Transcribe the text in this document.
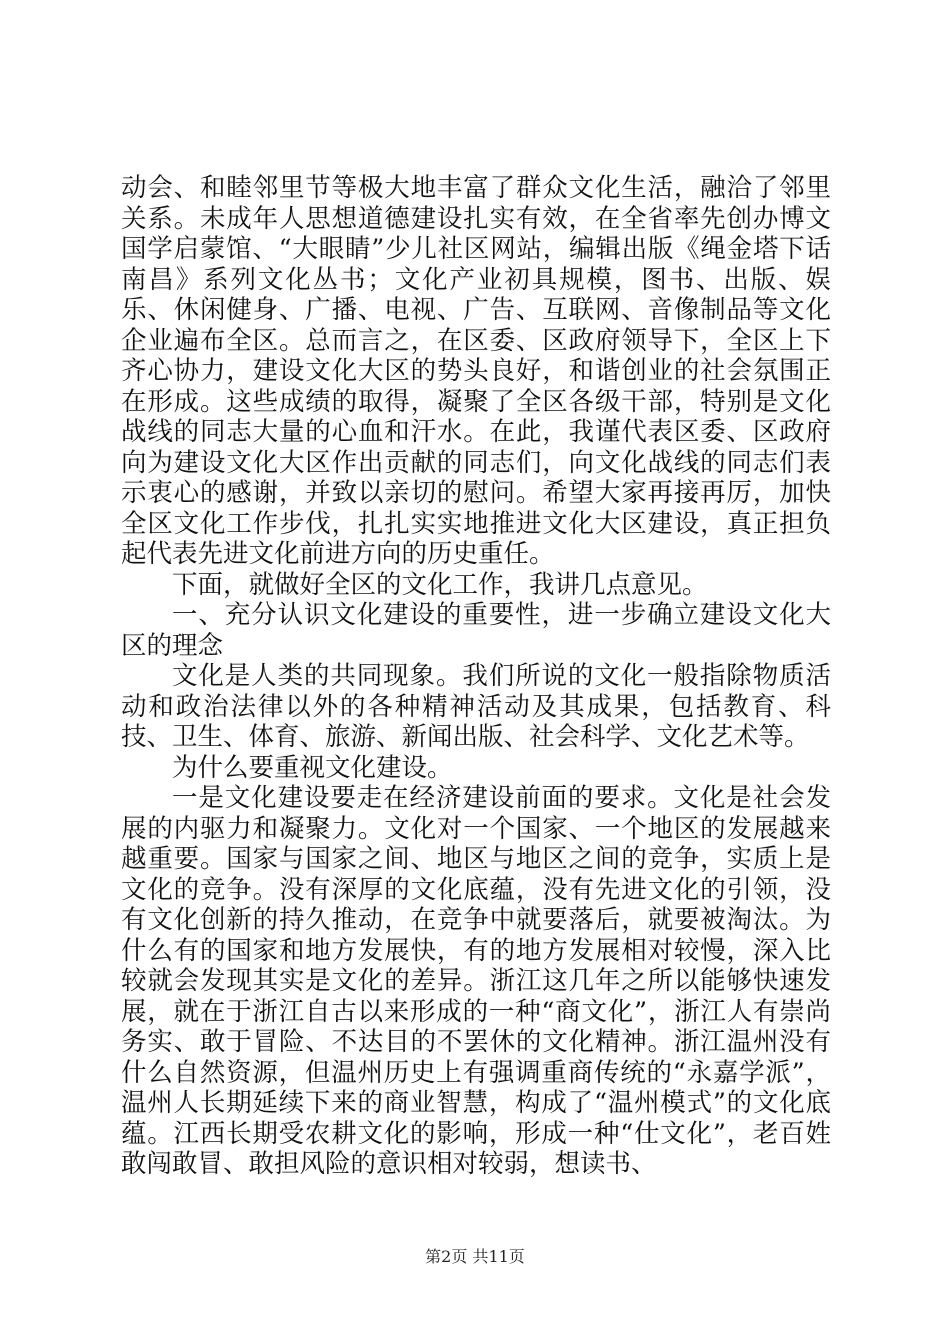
动会、和睦邻里节等极大地丰富了群众文化生活，融洽了邻里关系。未成年人思想道德建设扎实有效，在全省率先创办博文国学启蒙馆、“大眼睛”少儿社区网站，编辑出版《绳金塔下话南昌》系列文化丛书；文化产业初具规模，图书、出版、娱乐、休闲健身、广播、电视、广告、互联网、音像制品等文化企业遍布全区。总而言之，在区委、区政府领导下，全区上下齐心协力，建设文化大区的势头良好，和谐创业的社会氛围正在形成。这些成绩的取得，凝聚了全区各级干部，特别是文化战线的同志大量的心血和汗水。在此，我谨代表区委、区政府向为建设文化大区作出贡献的同志们，向文化战线的同志们表示衷心的感谢，并致以亲切的慰问。希望大家再接再厉，加快全区文化工作步伐，扎扎实实地推进文化大区建设，真正担负起代表先进文化前进方向的历史重任。

下面，就做好全区的文化工作，我讲几点意见。

一、充分认识文化建设的重要性，进一步确立建设文化大区的理念

文化是人类的共同现象。我们所说的文化一般指除物质活动和政治法律以外的各种精神活动及其成果，包括教育、科技、卫生、体育、旅游、新闻出版、社会科学、文化艺术等。

为什么要重视文化建设。

一是文化建设要走在经济建设前面的要求。文化是社会发展的内驱力和凝聚力。文化对一个国家、一个地区的发展越来越重要。国家与国家之间、地区与地区之间的竞争，实质上是文化的竞争。没有深厚的文化底蕴，没有先进文化的引领，没有文化创新的持久推动，在竞争中就要落后，就要被淘汰。为什么有的国家和地方发展快，有的地方发展相对较慢，深入比较就会发现其实是文化的差异。浙江这几年之所以能够快速发展，就在于浙江自古以来形成的一种“商文化”，浙江人有崇尚务实、敢于冒险、不达目的不罢休的文化精神。浙江温州没有什么自然资源，但温州历史上有强调重商传统的“永嘉学派”，温州人长期延续下来的商业智慧，构成了“温州模式”的文化底蕴。江西长期受农耕文化的影响，形成一种“仕文化”，老百姓敢闯敢冒、敢担风险的意识相对较弱，想读书、

第2页 共11页
